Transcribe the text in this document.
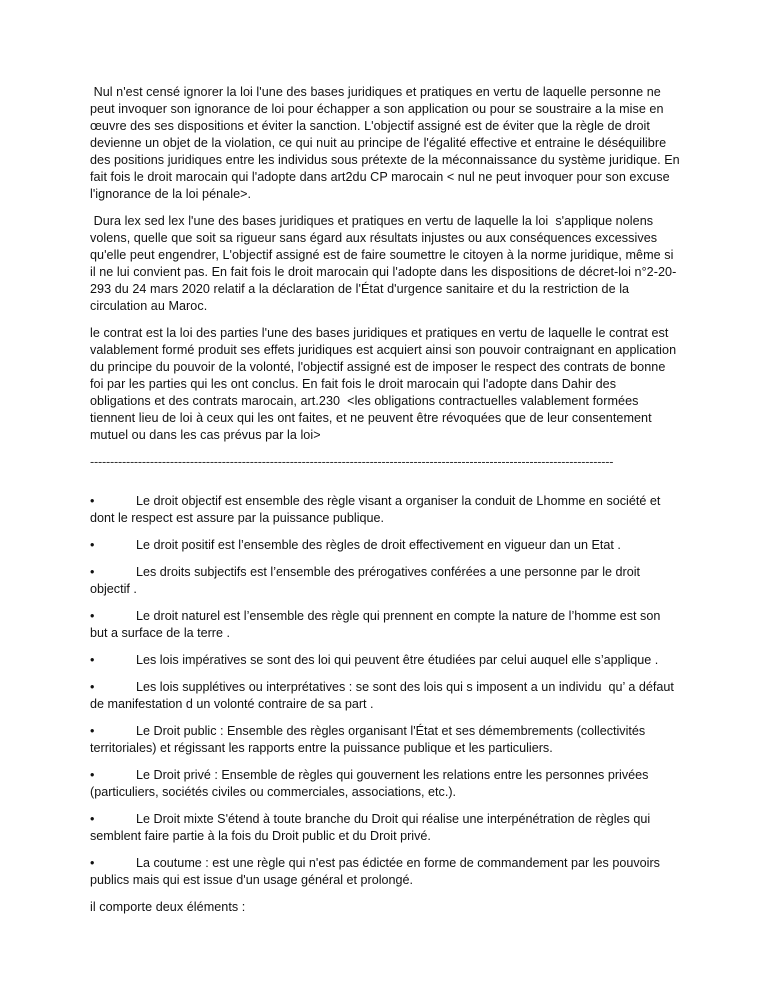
Nul n'est censé ignorer la loi l'une des bases juridiques et pratiques en vertu de laquelle personne ne peut invoquer son ignorance de loi pour échapper a son application ou pour se soustraire a la mise en œuvre des ses dispositions et éviter la sanction. L'objectif assigné est de éviter que la règle de droit devienne un objet de la violation, ce qui nuit au principe de l'égalité effective et entraine le déséquilibre des positions juridiques entre les individus sous prétexte de la méconnaissance du système juridique. En fait fois le droit marocain qui l'adopte dans art2du CP marocain < nul ne peut invoquer pour son excuse l'ignorance de la loi pénale>.

Dura lex sed lex l'une des bases juridiques et pratiques en vertu de laquelle la loi  s'applique nolens volens, quelle que soit sa rigueur sans égard aux résultats injustes ou aux conséquences excessives qu'elle peut engendrer, L'objectif assigné est de faire soumettre le citoyen à la norme juridique, même si il ne lui convient pas. En fait fois le droit marocain qui l'adopte dans les dispositions de décret-loi n°2-20-293 du 24 mars 2020 relatif a la déclaration de l'État d'urgence sanitaire et du la restriction de la circulation au Maroc.

le contrat est la loi des parties l'une des bases juridiques et pratiques en vertu de laquelle le contrat est valablement formé produit ses effets juridiques est acquiert ainsi son pouvoir contraignant en application du principe du pouvoir de la volonté, l'objectif assigné est de imposer le respect des contrats de bonne foi par les parties qui les ont conclus. En fait fois le droit marocain qui l'adopte dans Dahir des obligations et des contrats marocain, art.230  <les obligations contractuelles valablement formées tiennent lieu de loi à ceux qui les ont faites, et ne peuvent être révoquées que de leur consentement mutuel ou dans les cas prévus par la loi>

-----------------------------------------------------------------------------------------------------------------------------------
•	Le droit objectif est ensemble des règle visant a organiser la conduit de Lhomme en société et dont le respect est assure par la puissance publique.
•	Le droit positif est l’ensemble des règles de droit effectivement en vigueur dan un Etat .
•	Les droits subjectifs est l’ensemble des prérogatives conférées a une personne par le droit objectif .
•	Le droit naturel est l’ensemble des règle qui prennent en compte la nature de l’homme est son but a surface de la terre .
•	Les lois impératives se sont des loi qui peuvent être étudiées par celui auquel elle s’applique .
•	Les lois supplétives ou interprétatives : se sont des lois qui s imposent a un individu  qu’ a défaut de manifestation d un volonté contraire de sa part .
•	Le Droit public : Ensemble des règles organisant l'État et ses démembrements (collectivités territoriales) et régissant les rapports entre la puissance publique et les particuliers.
•	Le Droit privé : Ensemble de règles qui gouvernent les relations entre les personnes privées (particuliers, sociétés civiles ou commerciales, associations, etc.).
•	Le Droit mixte S'étend à toute branche du Droit qui réalise une interpénétration de règles qui semblent faire partie à la fois du Droit public et du Droit privé.
•	La coutume : est une règle qui n'est pas édictée en forme de commandement par les pouvoirs publics mais qui est issue d'un usage général et prolongé.

il comporte deux éléments :
